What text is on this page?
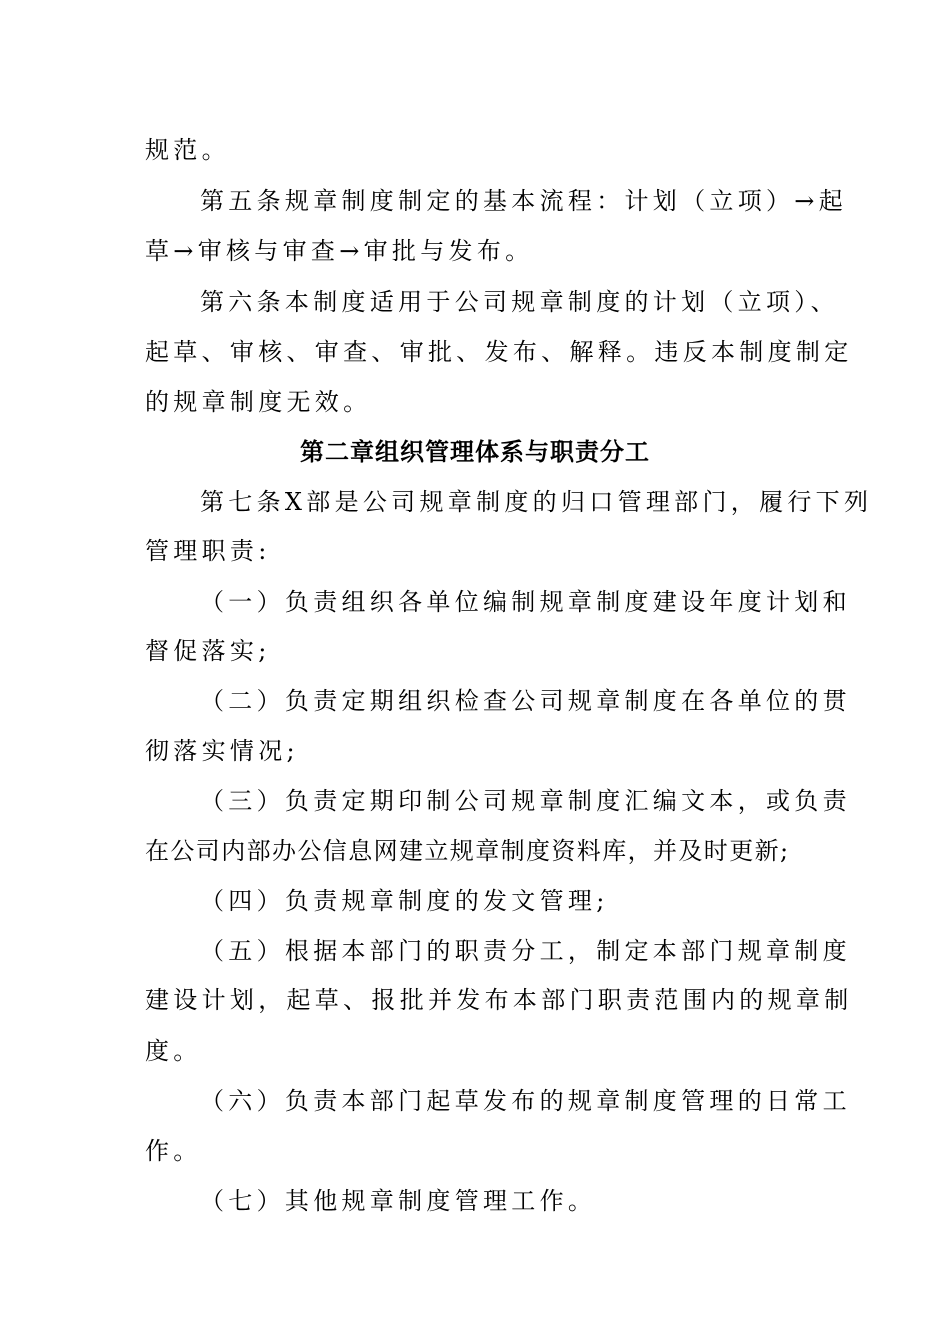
规范。
第五条规章制度制定的基本流程：计划（立项）→起
草→审核与审查→审批与发布。
第六条本制度适用于公司规章制度的计划（立项）、
起草、审核、审查、审批、发布、解释。违反本制度制定
的规章制度无效。
第二章组织管理体系与职责分工
第七条X部是公司规章制度的归口管理部门，履行下列
管理职责:
（一）负责组织各单位编制规章制度建设年度计划和
督促落实;
（二）负责定期组织检查公司规章制度在各单位的贯
彻落实情况;
（三）负责定期印制公司规章制度汇编文本，或负责
在公司内部办公信息网建立规章制度资料库，并及时更新;
（四）负责规章制度的发文管理;
（五）根据本部门的职责分工，制定本部门规章制度
建设计划，起草、报批并发布本部门职责范围内的规章制
度。
（六）负责本部门起草发布的规章制度管理的日常工
作。
（七）其他规章制度管理工作。
